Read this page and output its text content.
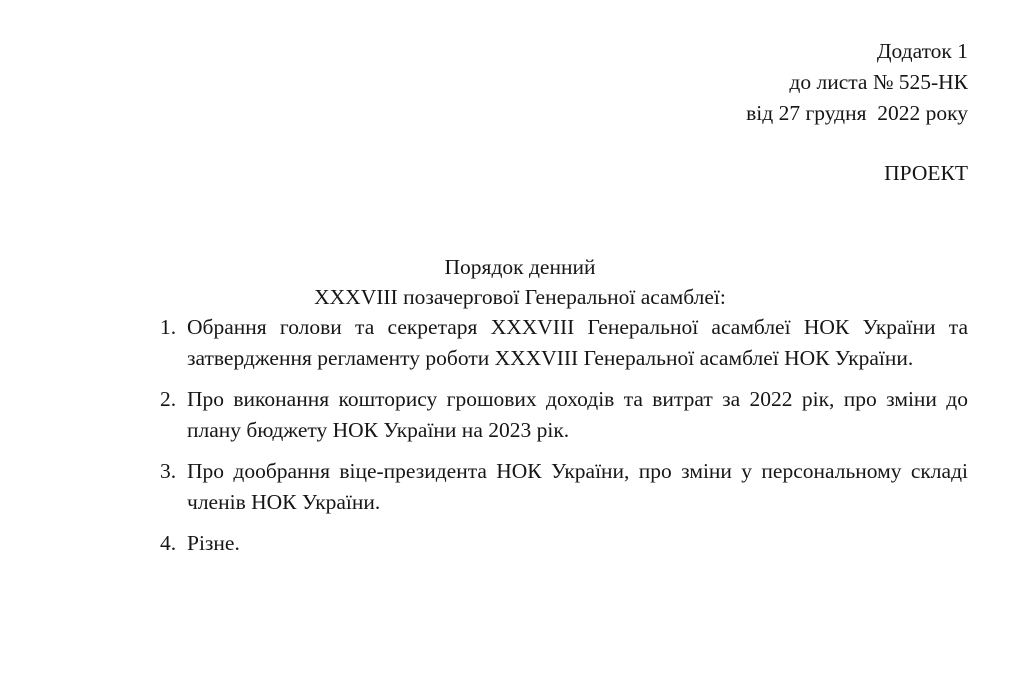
Додаток 1
до листа № 525-НК
від 27 грудня  2022 року
ПРОЕКТ
Порядок денний
XXXVIII позачергової Генеральної асамблеї:
1. Обрання голови та секретаря XXXVIII Генеральної асамблеї НОК України та затвердження регламенту роботи XXXVIII Генеральної асамблеї НОК України.
2. Про виконання кошторису грошових доходів та витрат за 2022 рік, про зміни до плану бюджету НОК України на 2023 рік.
3. Про дообрання віце-президента НОК України, про зміни у персональному складі членів НОК України.
4. Різне.
